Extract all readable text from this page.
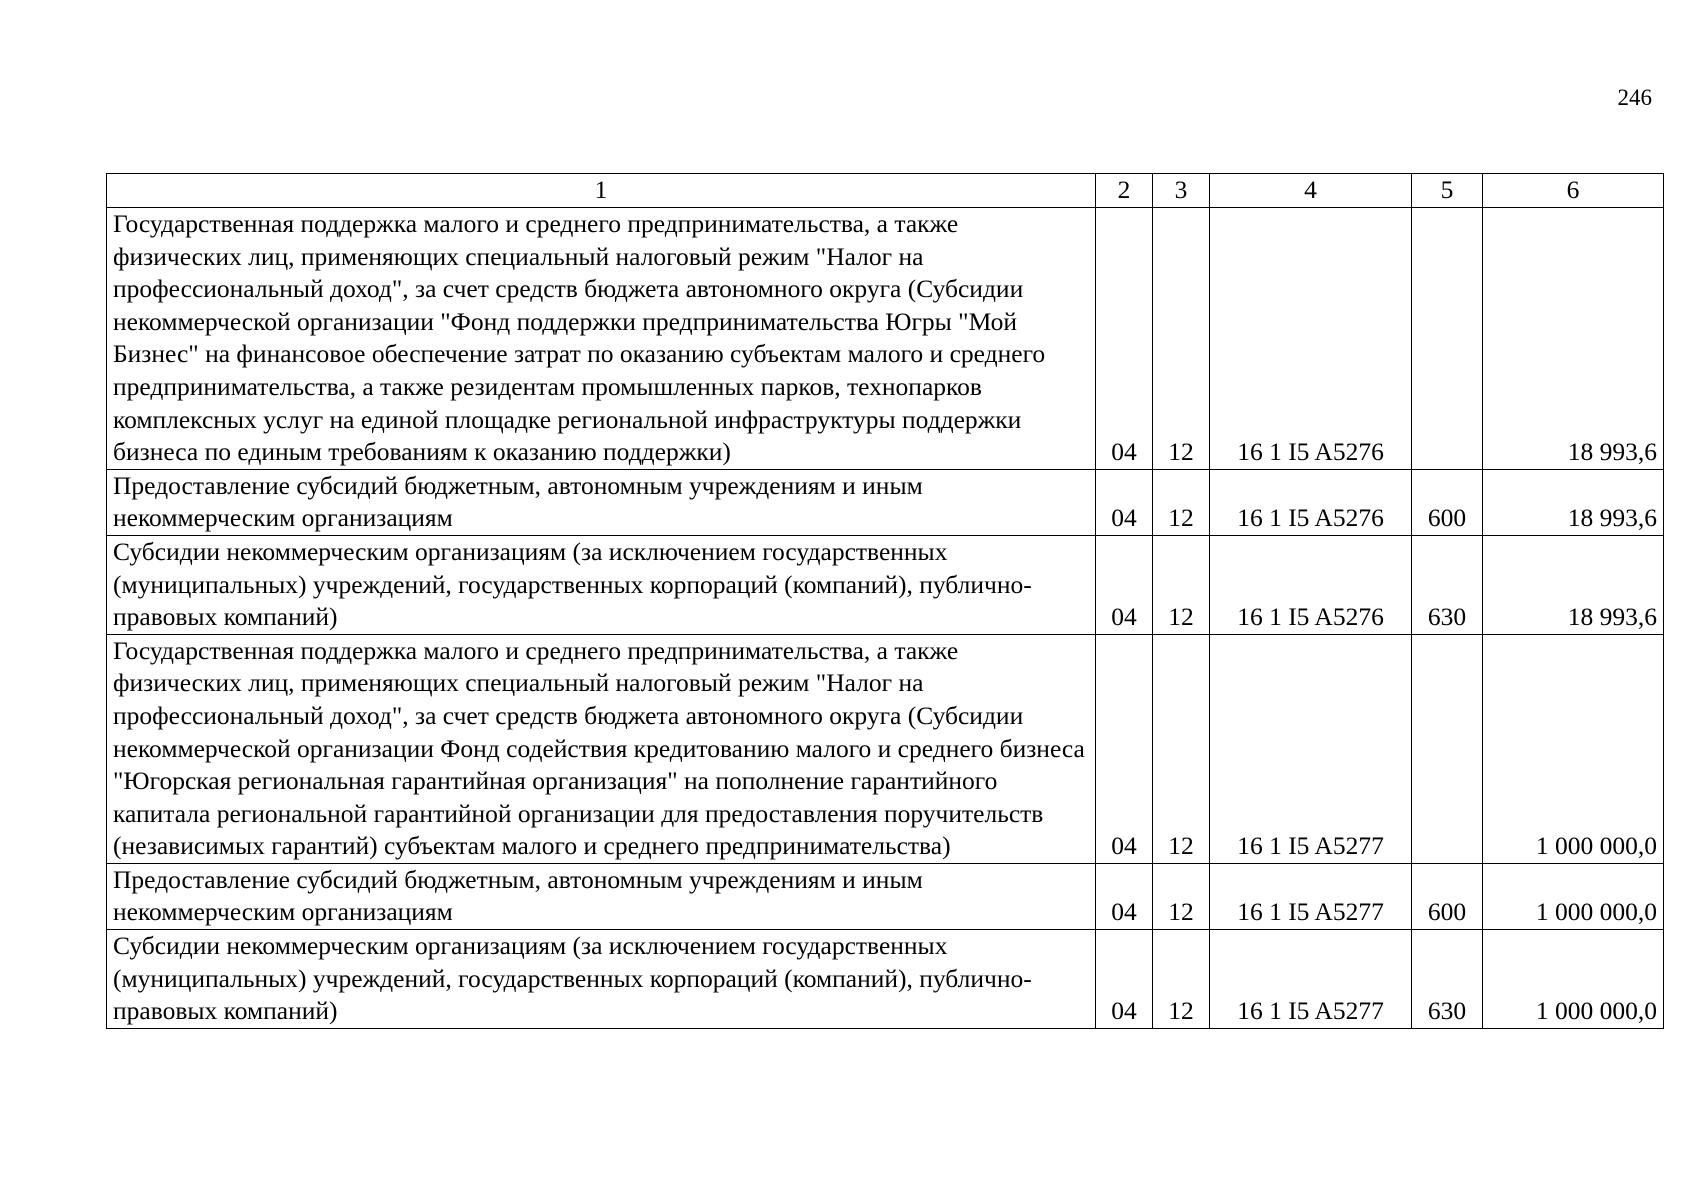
246
1	2	3	4	5	6
Государственная поддержка малого и среднего предпринимательства, а также физических лиц, применяющих специальный налоговый режим "Налог на профессиональный доход", за счет средств бюджета автономного округа (Субсидии некоммерческой организации "Фонд поддержки предпринимательства Югры "Мой Бизнес" на финансовое обеспечение затрат по оказанию субъектам малого и среднего предпринимательства, а также резидентам промышленных парков, технопарков комплексных услуг на единой площадке региональной инфраструктуры поддержки бизнеса по единым требованиям к оказанию поддержки)	04	12	16 1 I5 A5276		18 993,6
Предоставление субсидий бюджетным, автономным учреждениям и иным некоммерческим организациям	04	12	16 1 I5 A5276	600	18 993,6
Субсидии некоммерческим организациям (за исключением государственных (муниципальных) учреждений, государственных корпораций (компаний), публично-правовых компаний)	04	12	16 1 I5 A5276	630	18 993,6
Государственная поддержка малого и среднего предпринимательства, а также физических лиц, применяющих специальный налоговый режим "Налог на профессиональный доход", за счет средств бюджета автономного округа (Субсидии некоммерческой организации Фонд содействия кредитованию малого и среднего бизнеса "Югорская региональная гарантийная организация" на пополнение гарантийного капитала региональной гарантийной организации для предоставления поручительств (независимых гарантий) субъектам малого и среднего предпринимательства)	04	12	16 1 I5 A5277		1 000 000,0
Предоставление субсидий бюджетным, автономным учреждениям и иным некоммерческим организациям	04	12	16 1 I5 A5277	600	1 000 000,0
Субсидии некоммерческим организациям (за исключением государственных (муниципальных) учреждений, государственных корпораций (компаний), публично-правовых компаний)	04	12	16 1 I5 A5277	630	1 000 000,0
